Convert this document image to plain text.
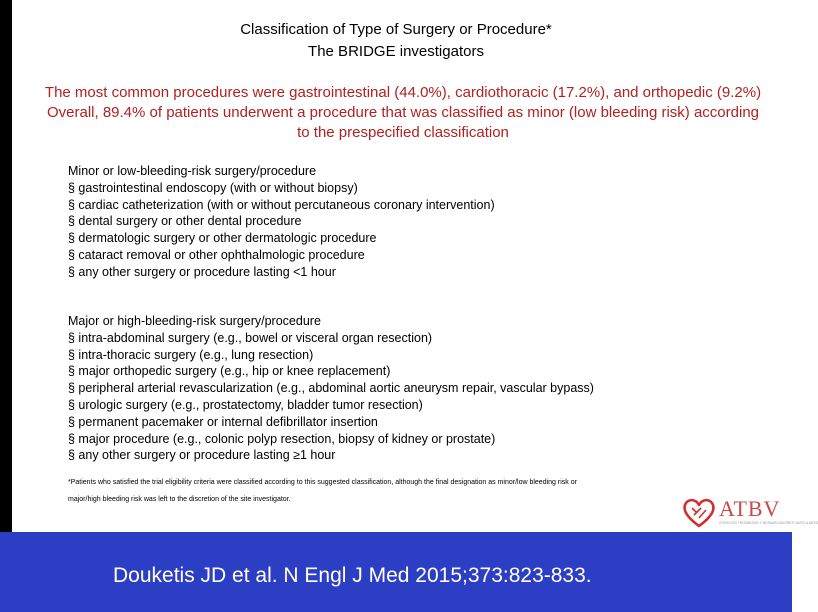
Classification of Type of Surgery or Procedure*
The BRIDGE investigators
The most common procedures were gastrointestinal (44.0%), cardiothoracic (17.2%), and orthopedic (9.2%)
Overall, 89.4% of patients underwent a procedure that was classified as minor (low bleeding risk) according
to the prespecified classification
Minor or low-bleeding-risk surgery/procedure
§ gastrointestinal endoscopy (with or without biopsy)
§ cardiac catheterization (with or without percutaneous coronary intervention)
§ dental surgery or other dental procedure
§ dermatologic surgery or other dermatologic procedure
§ cataract removal or other ophthalmologic procedure
§ any other surgery or procedure lasting <1 hour
Major or high-bleeding-risk surgery/procedure
§ intra-abdominal surgery (e.g., bowel or visceral organ resection)
§ intra-thoracic surgery (e.g., lung resection)
§ major orthopedic surgery (e.g., hip or knee replacement)
§ peripheral arterial revascularization (e.g., abdominal aortic aneurysm repair, vascular bypass)
§ urologic surgery (e.g., prostatectomy, bladder tumor resection)
§ permanent pacemaker or internal defibrillator insertion
§ major procedure (e.g., colonic polyp resection, biopsy of kidney or prostate)
§ any other surgery or procedure lasting ≥1 hour
*Patients who satisfied the trial eligibility criteria were classified according to this suggested classification, although the final designation as minor/low bleeding risk or
major/high bleeding risk was left to the discretion of the site investigator.	ATBV
ATENCION TROMBOSIS Y BIOMARCADORES VASCULARES
Douketis JD et al. N Engl J Med 2015;373:823-833.
